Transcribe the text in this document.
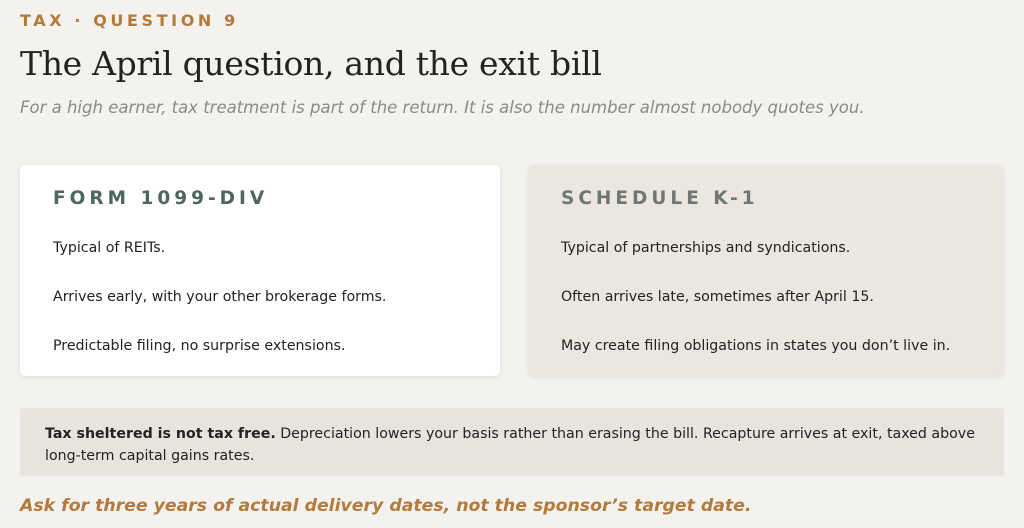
TAX · QUESTION 9
The April question, and the exit bill
For a high earner, tax treatment is part of the return. It is also the number almost nobody quotes you.
FORM 1099-DIV
Typical of REITs.
Arrives early, with your other brokerage forms.
Predictable filing, no surprise extensions.
SCHEDULE K-1
Typical of partnerships and syndications.
Often arrives late, sometimes after April 15.
May create filing obligations in states you don’t live in.
Tax sheltered is not tax free. Depreciation lowers your basis rather than erasing the bill. Recapture arrives at exit, taxed above long-term capital gains rates.
Ask for three years of actual delivery dates, not the sponsor’s target date.
